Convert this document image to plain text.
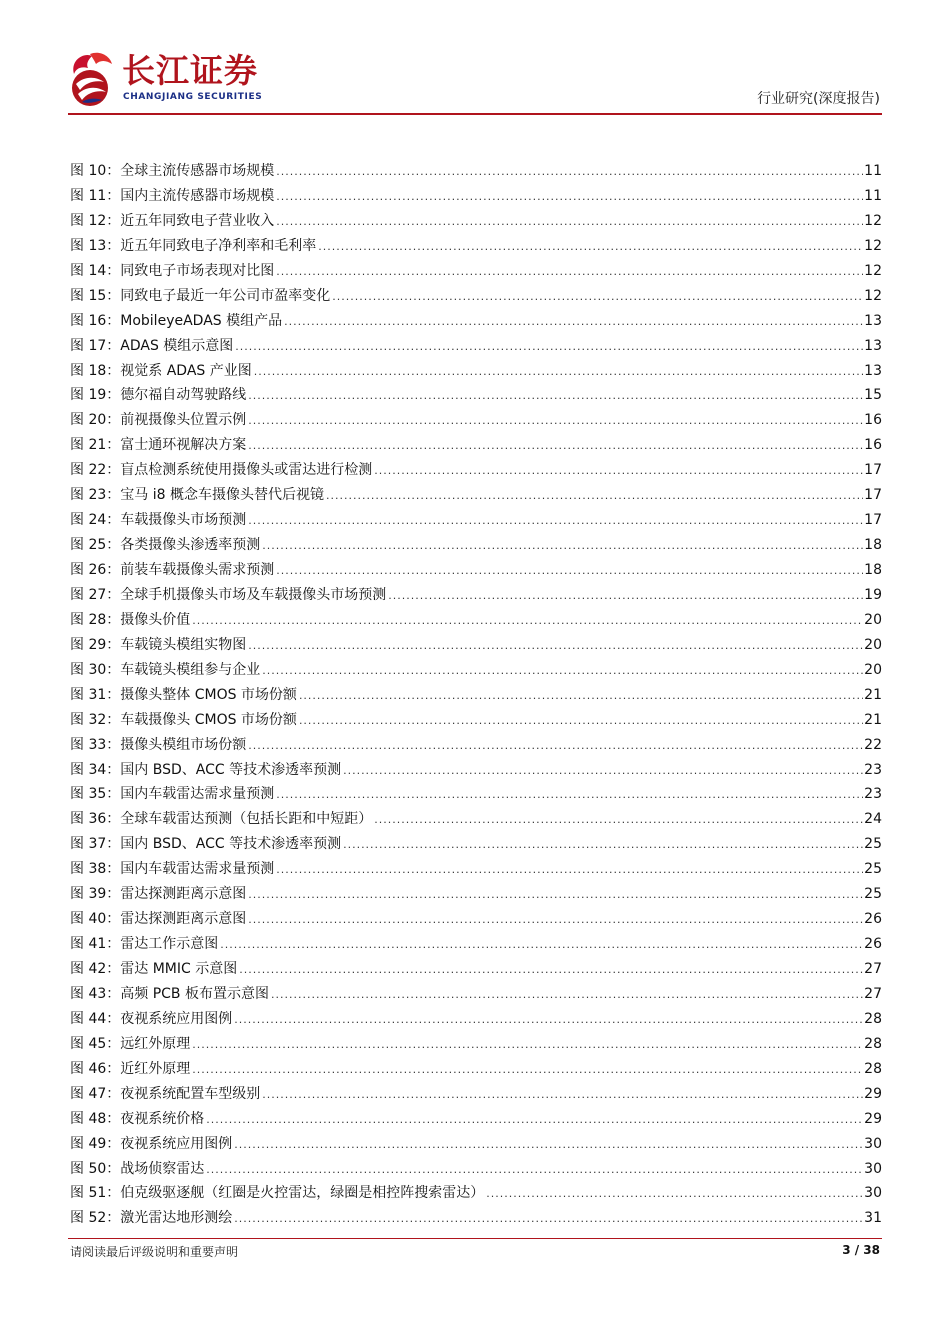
长江证券
CHANGJIANG SECURITIES	行业研究(深度报告)
图 10：全球主流传感器市场规模 .....	11
图 11：国内主流传感器市场规模 .....	11
图 12：近五年同致电子营业收入 .....	12
图 13：近五年同致电子净利率和毛利率 .....	12
图 14：同致电子市场表现对比图 .....	12
图 15：同致电子最近一年公司市盈率变化 .....	12
图 16：MobileyeADAS 模组产品 .....	13
图 17：ADAS 模组示意图 .....	13
图 18：视觉系 ADAS 产业图 .....	13
图 19：德尔福自动驾驶路线 .....	15
图 20：前视摄像头位置示例 .....	16
图 21：富士通环视解决方案 .....	16
图 22：盲点检测系统使用摄像头或雷达进行检测 .....	17
图 23：宝马 i8 概念车摄像头替代后视镜 .....	17
图 24：车载摄像头市场预测 .....	17
图 25：各类摄像头渗透率预测 .....	18
图 26：前装车载摄像头需求预测 .....	18
图 27：全球手机摄像头市场及车载摄像头市场预测 .....	19
图 28：摄像头价值 .....	20
图 29：车载镜头模组实物图 .....	20
图 30：车载镜头模组参与企业 .....	20
图 31：摄像头整体 CMOS 市场份额 .....	21
图 32：车载摄像头 CMOS 市场份额 .....	21
图 33：摄像头模组市场份额 .....	22
图 34：国内 BSD、ACC 等技术渗透率预测 .....	23
图 35：国内车载雷达需求量预测 .....	23
图 36：全球车载雷达预测（包括长距和中短距） .....	24
图 37：国内 BSD、ACC 等技术渗透率预测 .....	25
图 38：国内车载雷达需求量预测 .....	25
图 39：雷达探测距离示意图 .....	25
图 40：雷达探测距离示意图 .....	26
图 41：雷达工作示意图 .....	26
图 42：雷达 MMIC 示意图 .....	27
图 43：高频 PCB 板布置示意图 .....	27
图 44：夜视系统应用图例 .....	28
图 45：远红外原理 .....	28
图 46：近红外原理 .....	28
图 47：夜视系统配置车型级别 .....	29
图 48：夜视系统价格 .....	29
图 49：夜视系统应用图例 .....	30
图 50：战场侦察雷达 .....	30
图 51：伯克级驱逐舰（红圈是火控雷达，绿圈是相控阵搜索雷达） .....	30
图 52：激光雷达地形测绘 .....	31
请阅读最后评级说明和重要声明	3 / 38
